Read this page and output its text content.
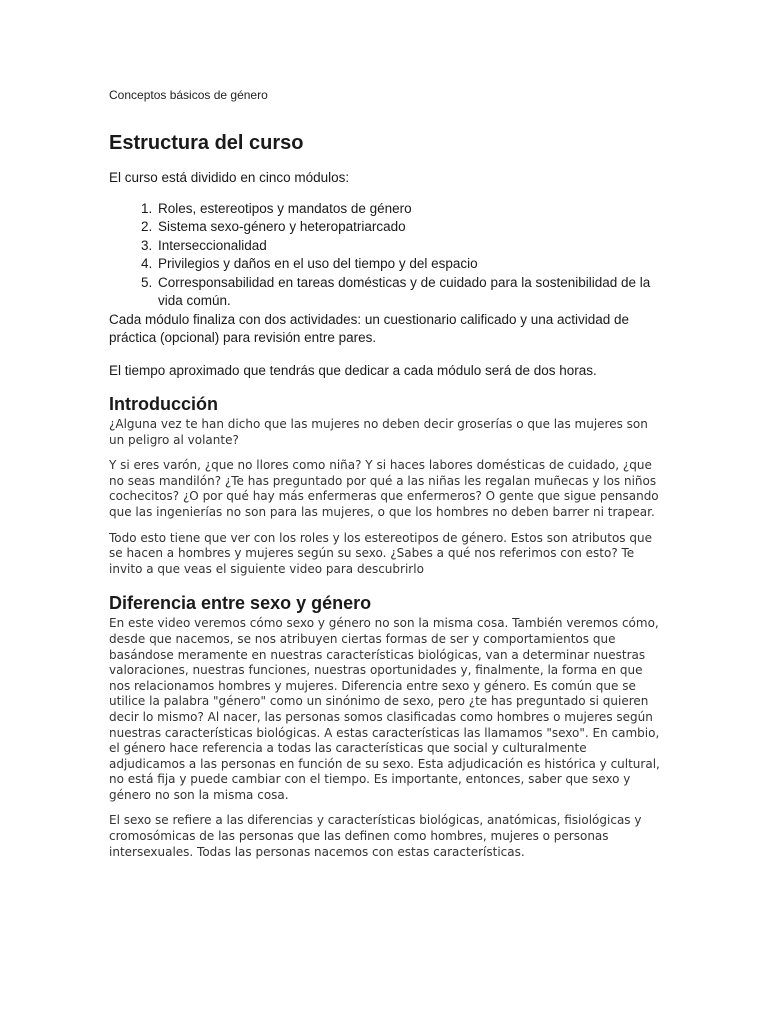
Conceptos básicos de género
Estructura del curso

El curso está dividido en cinco módulos:

1. Roles, estereotipos y mandatos de género
2. Sistema sexo-género y heteropatriarcado
3. Interseccionalidad
4. Privilegios y daños en el uso del tiempo y del espacio
5. Corresponsabilidad en tareas domésticas y de cuidado para la sostenibilidad de la vida común.

Cada módulo finaliza con dos actividades: un cuestionario calificado y una actividad de práctica (opcional) para revisión entre pares.

El tiempo aproximado que tendrás que dedicar a cada módulo será de dos horas.

Introducción

¿Alguna vez te han dicho que las mujeres no deben decir groserías o que las mujeres son un peligro al volante?

Y si eres varón, ¿que no llores como niña? Y si haces labores domésticas de cuidado, ¿que no seas mandilón? ¿Te has preguntado por qué a las niñas les regalan muñecas y los niños cochecitos? ¿O por qué hay más enfermeras que enfermeros? O gente que sigue pensando que las ingenierías no son para las mujeres, o que los hombres no deben barrer ni trapear.

Todo esto tiene que ver con los roles y los estereotipos de género. Estos son atributos que se hacen a hombres y mujeres según su sexo. ¿Sabes a qué nos referimos con esto? Te invito a que veas el siguiente video para descubrirlo

Diferencia entre sexo y género

En este video veremos cómo sexo y género no son la misma cosa. También veremos cómo, desde que nacemos, se nos atribuyen ciertas formas de ser y comportamientos que basándose meramente en nuestras características biológicas, van a determinar nuestras valoraciones, nuestras funciones, nuestras oportunidades y, finalmente, la forma en que nos relacionamos hombres y mujeres. Diferencia entre sexo y género. Es común que se utilice la palabra "género" como un sinónimo de sexo, pero ¿te has preguntado si quieren decir lo mismo? Al nacer, las personas somos clasificadas como hombres o mujeres según nuestras características biológicas. A estas características las llamamos "sexo". En cambio, el género hace referencia a todas las características que social y culturalmente adjudicamos a las personas en función de su sexo. Esta adjudicación es histórica y cultural, no está fija y puede cambiar con el tiempo. Es importante, entonces, saber que sexo y género no son la misma cosa.

El sexo se refiere a las diferencias y características biológicas, anatómicas, fisiológicas y cromosómicas de las personas que las definen como hombres, mujeres o personas intersexuales. Todas las personas nacemos con estas características.
